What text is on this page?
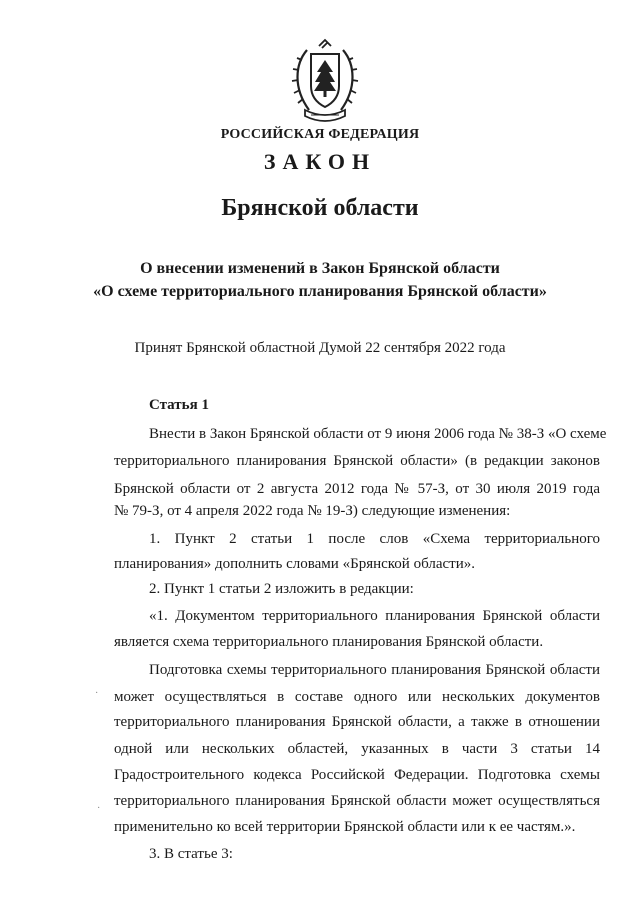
РОССИЙСКАЯ ФЕДЕРАЦИЯ
ЗАКОН
Брянской области
О внесении изменений в Закон Брянской области
«О схеме территориального планирования Брянской области»
Принят Брянской областной Думой 22 сентября 2022 года
Статья 1
Внести в Закон Брянской области от 9 июня 2006 года № 38-З «О схеме
территориального планирования Брянской области» (в редакции законов
Брянской области от 2 августа 2012 года № 57-З, от 30 июля 2019 года
№ 79-З, от 4 апреля 2022 года № 19-З) следующие изменения:
1. Пункт 2 статьи 1 после слов «Схема территориального
планирования» дополнить словами «Брянской области».
2. Пункт 1 статьи 2 изложить в редакции:
«1. Документом территориального планирования Брянской области
является схема территориального планирования Брянской области.
Подготовка схемы территориального планирования Брянской области
может осуществляться в составе одного или нескольких документов
территориального планирования Брянской области, а также в отношении
одной или нескольких областей, указанных в части 3 статьи 14
Градостроительного кодекса Российской Федерации. Подготовка схемы
территориального планирования Брянской области может осуществляться
применительно ко всей территории Брянской области или к ее частям.».
3. В статье 3:
·
·
